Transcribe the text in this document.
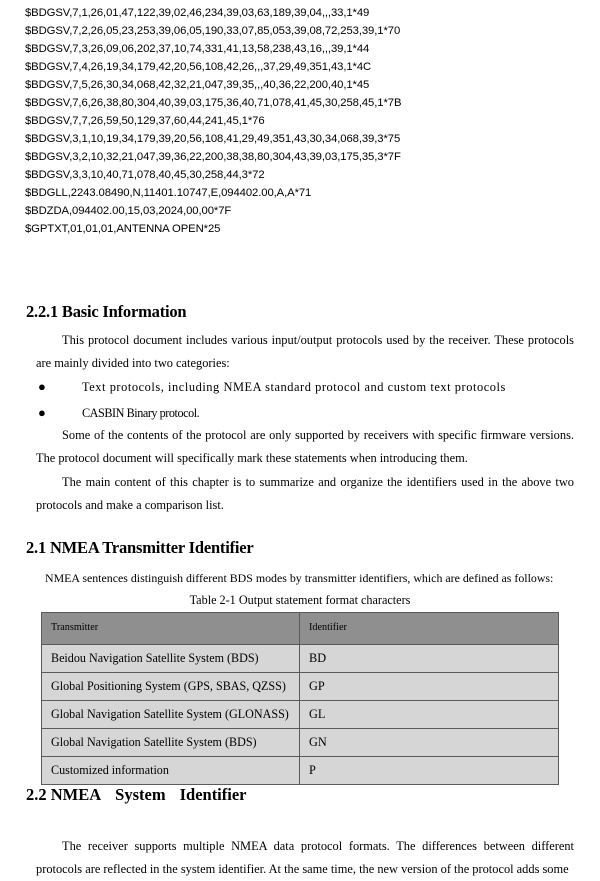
$BDGSV,7,1,26,01,47,122,39,02,46,234,39,03,63,189,39,04,,,33,1*49
$BDGSV,7,2,26,05,23,253,39,06,05,190,33,07,85,053,39,08,72,253,39,1*70
$BDGSV,7,3,26,09,06,202,37,10,74,331,41,13,58,238,43,16,,,39,1*44
$BDGSV,7,4,26,19,34,179,42,20,56,108,42,26,,,37,29,49,351,43,1*4C
$BDGSV,7,5,26,30,34,068,42,32,21,047,39,35,,,40,36,22,200,40,1*45
$BDGSV,7,6,26,38,80,304,40,39,03,175,36,40,71,078,41,45,30,258,45,1*7B
$BDGSV,7,7,26,59,50,129,37,60,44,241,45,1*76
$BDGSV,3,1,10,19,34,179,39,20,56,108,41,29,49,351,43,30,34,068,39,3*75
$BDGSV,3,2,10,32,21,047,39,36,22,200,38,38,80,304,43,39,03,175,35,3*7F
$BDGSV,3,3,10,40,71,078,40,45,30,258,44,3*72
$BDGLL,2243.08490,N,11401.10747,E,094402.00,A,A*71
$BDZDA,094402.00,15,03,2024,00,00*7F
$GPTXT,01,01,01,ANTENNA OPEN*25
2.2.1 Basic Information
This protocol document includes various input/output protocols used by the receiver. These protocols are mainly divided into two categories:
●	Text protocols, including NMEA standard protocol and custom text protocols
●	CASBIN Binary protocol.
Some of the contents of the protocol are only supported by receivers with specific firmware versions. The protocol document will specifically mark these statements when introducing them.
The main content of this chapter is to summarize and organize the identifiers used in the above two protocols and make a comparison list.
2.1 NMEA Transmitter Identifier
NMEA sentences distinguish different BDS modes by transmitter identifiers, which are defined as follows:
Table 2-1 Output statement format characters
Transmitter	Identifier
Beidou Navigation Satellite System (BDS)	BD
Global Positioning System (GPS, SBAS, QZSS)	GP
Global Navigation Satellite System (GLONASS)	GL
Global Navigation Satellite System (BDS)	GN
Customized information	P
2.2 NMEA System Identifier
The receiver supports multiple NMEA data protocol formats. The differences between different protocols are reflected in the system identifier. At the same time, the new version of the protocol adds some
